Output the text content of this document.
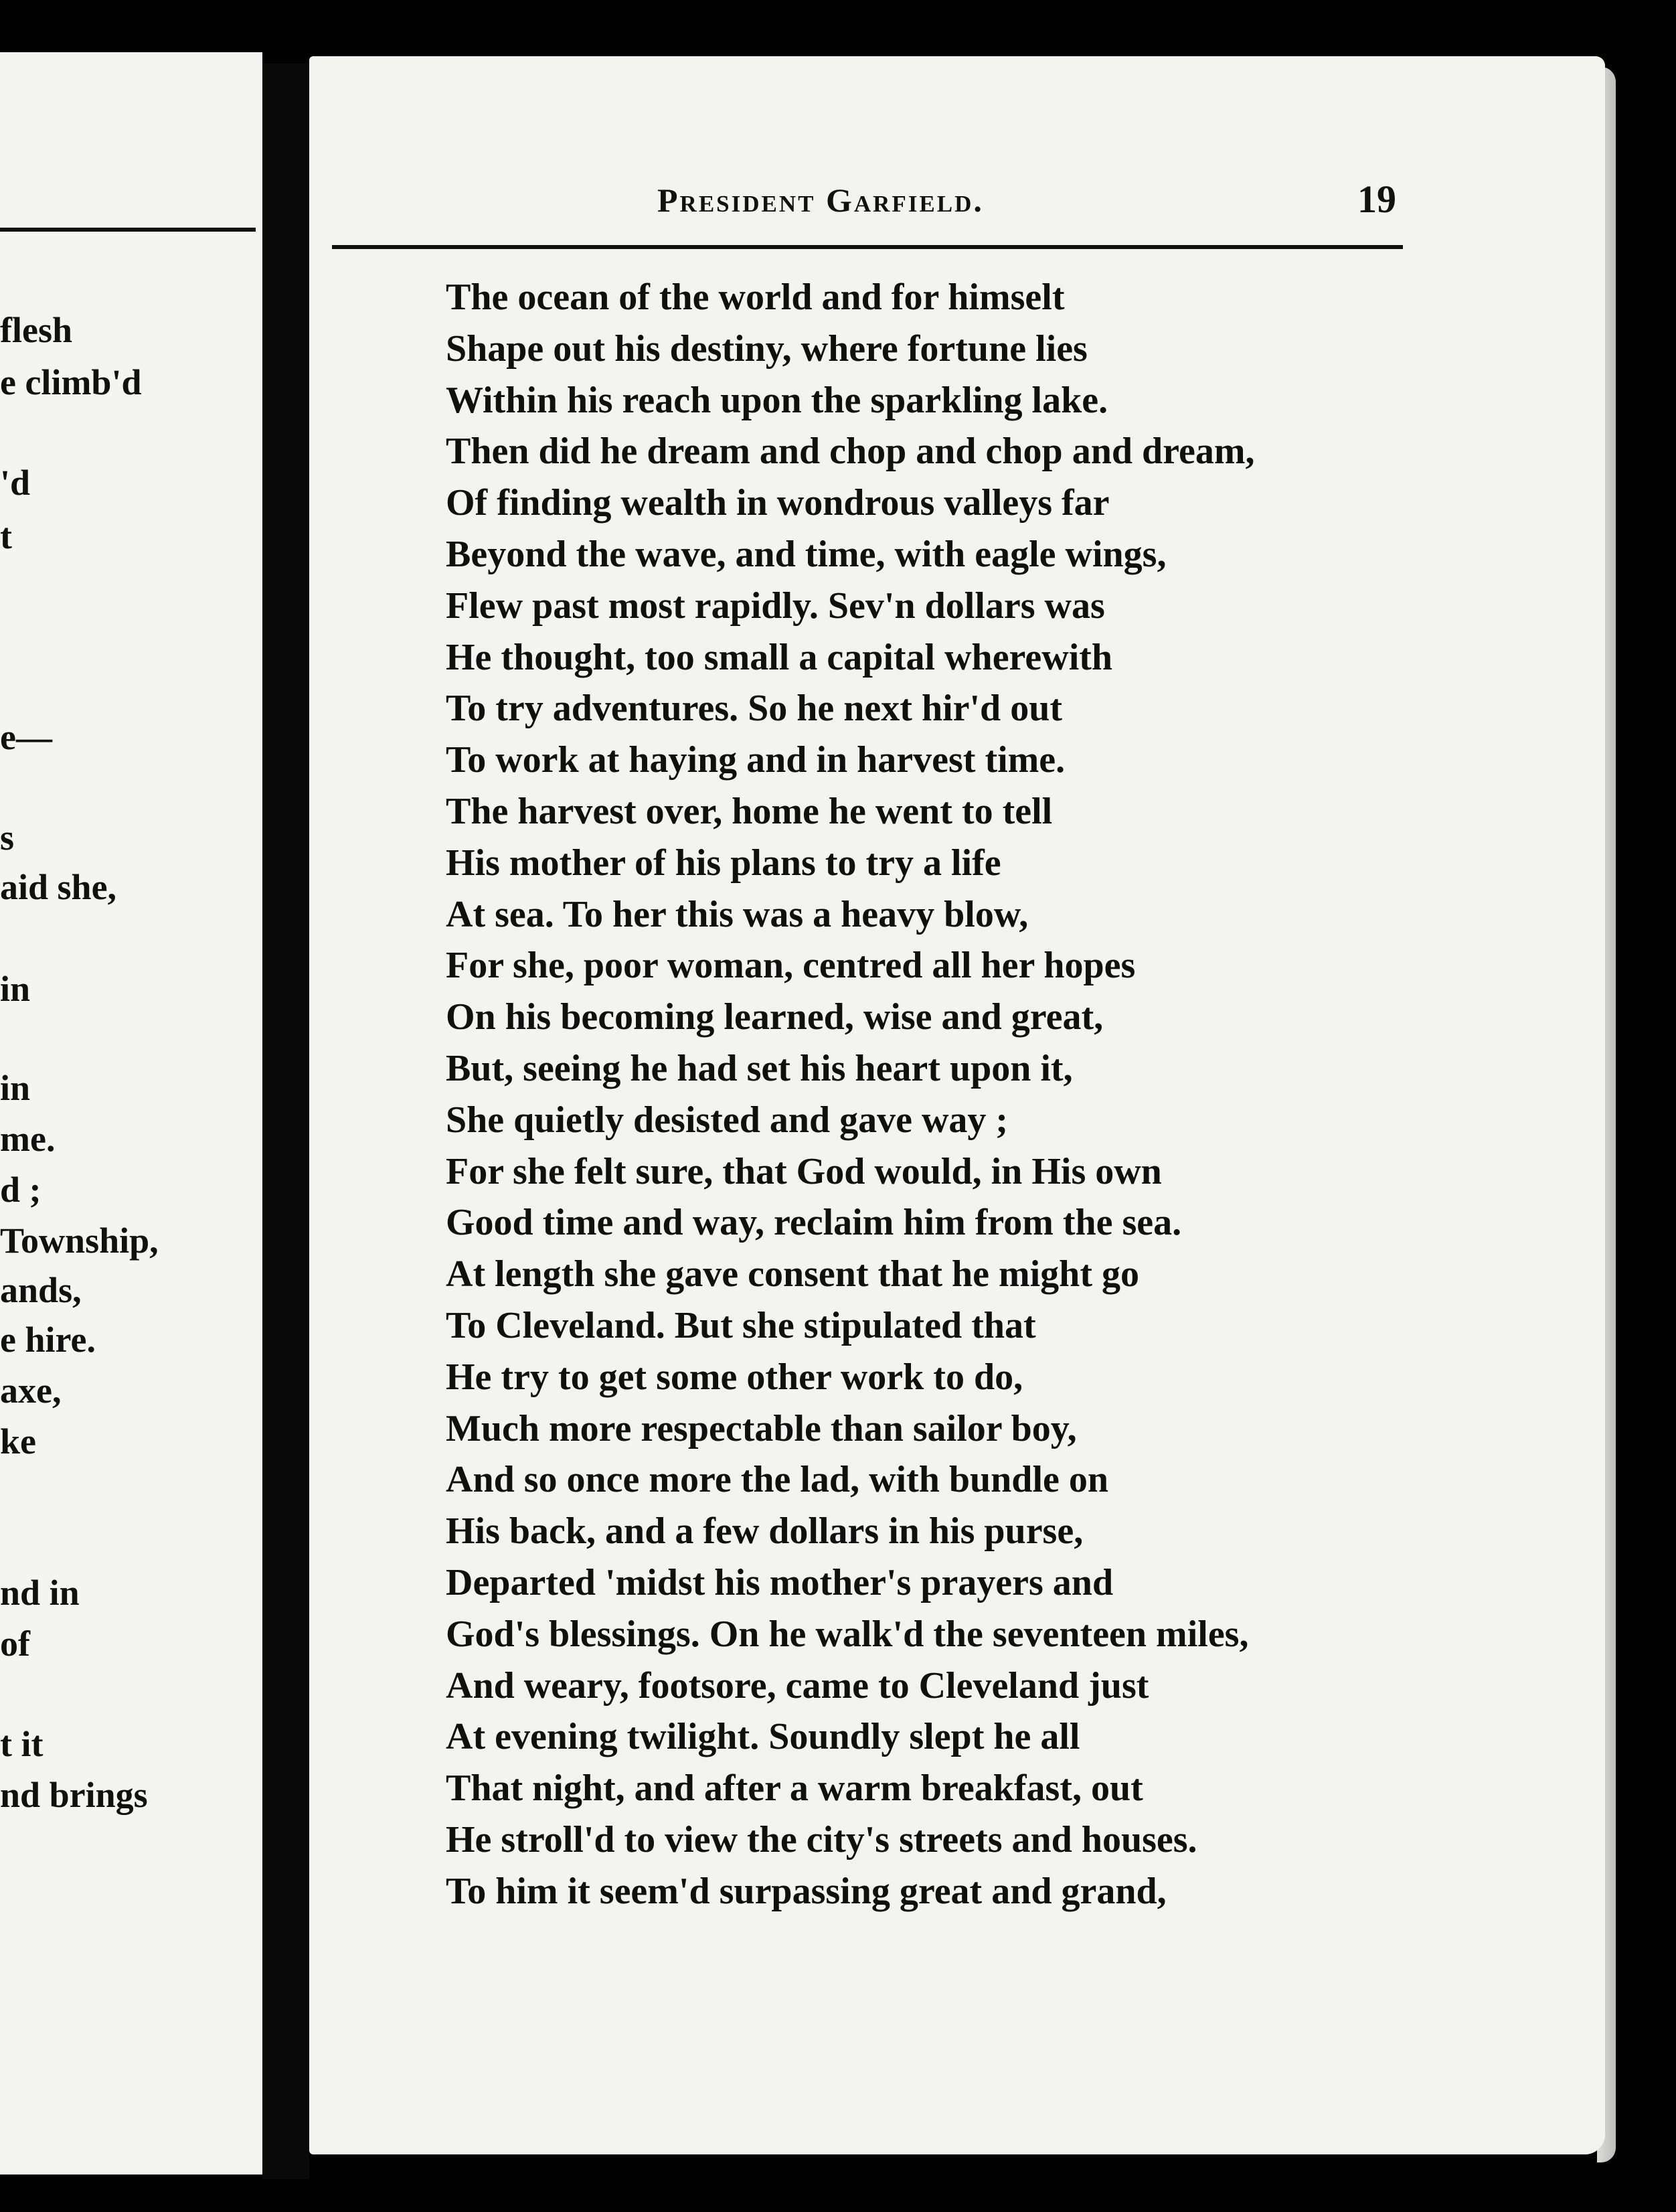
flesh
e climb'd
'd
t
e—
s
aid she,
in
in
me.
d ;
Township,
ands,
e hire.
axe,
ke
nd in
of
t it
nd brings
President Garfield.	19
The ocean of the world and for himselt
Shape out his destiny, where fortune lies
Within his reach upon the sparkling lake.
Then did he dream and chop and chop and dream,
Of finding wealth in wondrous valleys far
Beyond the wave, and time, with eagle wings,
Flew past most rapidly. Sev'n dollars was
He thought, too small a capital wherewith
To try adventures. So he next hir'd out
To work at haying and in harvest time.
The harvest over, home he went to tell
His mother of his plans to try a life
At sea. To her this was a heavy blow,
For she, poor woman, centred all her hopes
On his becoming learned, wise and great,
But, seeing he had set his heart upon it,
She quietly desisted and gave way ;
For she felt sure, that God would, in His own
Good time and way, reclaim him from the sea.
At length she gave consent that he might go
To Cleveland. But she stipulated that
He try to get some other work to do,
Much more respectable than sailor boy,
And so once more the lad, with bundle on
His back, and a few dollars in his purse,
Departed 'midst his mother's prayers and
God's blessings. On he walk'd the seventeen miles,
And weary, footsore, came to Cleveland just
At evening twilight. Soundly slept he all
That night, and after a warm breakfast, out
He stroll'd to view the city's streets and houses.
To him it seem'd surpassing great and grand,
